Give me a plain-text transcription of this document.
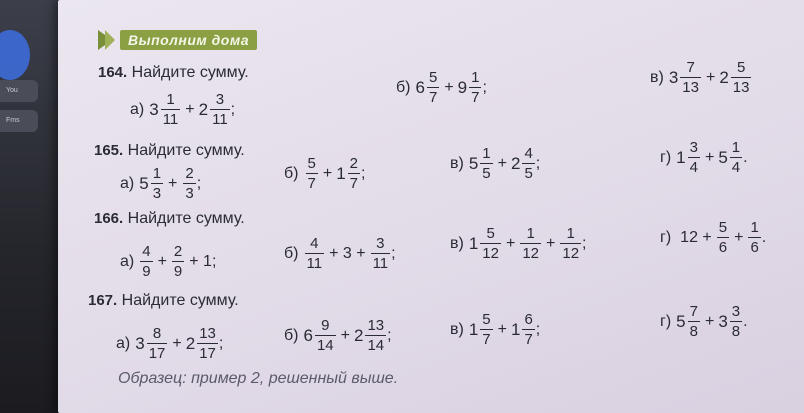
You
Fms
Выполним дома
164. Найдите сумму.
а) $3 \frac{1}{11} + 2 \frac{3}{11}$ ;
б) $6 \frac{5}{7} + 9 \frac{1}{7}$ ;
в) $3 \frac{7}{13} + 2 \frac{5}{13}$
165. Найдите сумму.
а) $5 \frac{1}{3} + \frac{2}{3}$ ;
$б) \frac{5}{7} + 1 \frac{2}{7}$ ;
в) $5 \frac{1}{5} + 2 \frac{4}{5}$ ;	г) $1 \frac{3}{4} + 5 \frac{1}{4}$ .
166. Найдите сумму.
$а) \frac{4}{9} + \frac{2}{9} + 1$;	$б) \frac{4}{11} + 3 + \frac{3}{11}$ ;
в) $1 \frac{5}{12} + \frac{1}{12} + \frac{1}{12}$ ;	г) $12 + \frac{5}{6} + \frac{1}{6}$ .
167. Найдите сумму.
а) $3 \frac{8}{17} + 2 \frac{13}{17}$ ;	б) $6 \frac{9}{14} + 2 \frac{13}{14}$ ;	в) $1 \frac{5}{7} + 1 \frac{6}{7}$ ;	г) $5 \frac{7}{8} + 3 \frac{3}{8}$ .
Образец: пример 2, решенный выше.
